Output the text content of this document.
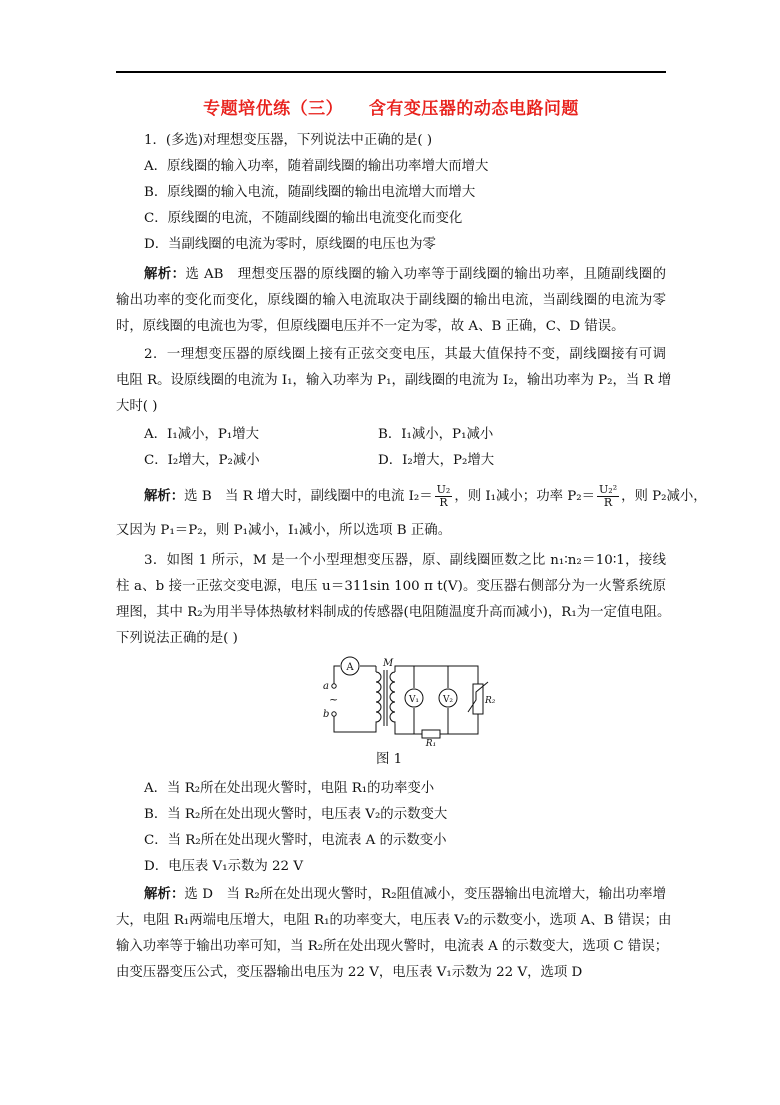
专题培优练（三）    含有变压器的动态电路问题
1．(多选)对理想变压器，下列说法中正确的是( )
A．原线圈的输入功率，随着副线圈的输出功率增大而增大
B．原线圈的输入电流，随副线圈的输出电流增大而增大
C．原线圈的电流，不随副线圈的输出电流变化而变化
D．当副线圈的电流为零时，原线圈的电压也为零
解析：选 AB　理想变压器的原线圈的输入功率等于副线圈的输出功率，且随副线圈的
输出功率的变化而变化，原线圈的输入电流取决于副线圈的输出电流，当副线圈的电流为零
时，原线圈的电流也为零，但原线圈电压并不一定为零，故 A、B 正确，C、D 错误。
2．一理想变压器的原线圈上接有正弦交变电压，其最大值保持不变，副线圈接有可调
电阻 R。设原线圈的电流为 I₁，输入功率为 P₁，副线圈的电流为 I₂，输出功率为 P₂，当 R 增
大时( )
A．I₁减小，P₁增大	B．I₁减小，P₁减小
C．I₂增大，P₂减小	D．I₂增大，P₂增大
解析：选 B　当 R 增大时，副线圈中的电流 $I_2= \frac{\text{U₂}}{R}$ ，则 I₁减小；功率 $P_2= \frac{\text{U₂²}}{R}$ ，则 P₂减小，
又因为 P₁＝P₂，则 P₁减小，I₁减小，所以选项 B 正确。
3．如图 1 所示，M 是一个小型理想变压器，原、副线圈匝数之比 n₁∶n₂＝10∶1，接线
柱 a、b 接一正弦交变电源，电压 u＝311sin 100 π t(V)。变压器右侧部分为一火警系统原
理图，其中 R₂为用半导体热敏材料制成的传感器(电阻随温度升高而减小)，R₁为一定值电阻。
下列说法正确的是( )
A	M
a
~
b
V₁	V₂	R₂
R₁
图 1
A．当 R₂所在处出现火警时，电阻 R₁的功率变小
B．当 R₂所在处出现火警时，电压表 V₂的示数变大
C．当 R₂所在处出现火警时，电流表 A 的示数变小
D．电压表 V₁示数为 22 V
解析：选 D　当 R₂所在处出现火警时，R₂阻值减小，变压器输出电流增大，输出功率增
大，电阻 R₁两端电压增大，电阻 R₁的功率变大，电压表 V₂的示数变小，选项 A、B 错误；由
输入功率等于输出功率可知，当 R₂所在处出现火警时，电流表 A 的示数变大，选项 C 错误；
由变压器变压公式，变压器输出电压为 22 V，电压表 V₁示数为 22 V，选项 D
